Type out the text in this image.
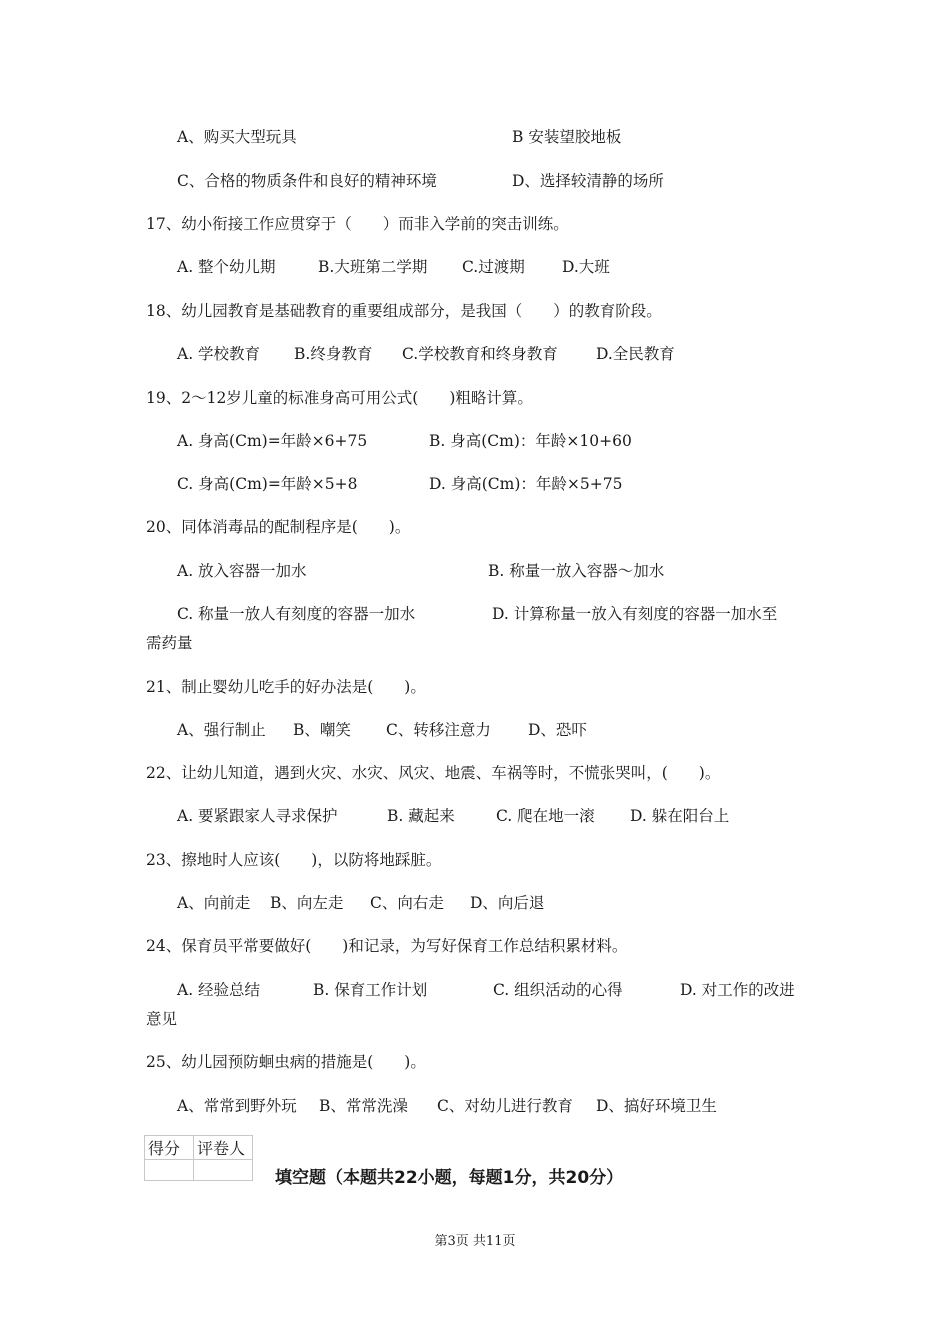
A、购买大型玩具	B 安装望胶地板
C、合格的物质条件和良好的精神环境	D、选择较清静的场所
17、幼小衔接工作应贯穿于（　　）而非入学前的突击训练。
A. 整个幼儿期	B.大班第二学期 C.过渡期 D.大班
18、幼儿园教育是基础教育的重要组成部分，是我国（　　）的教育阶段。
A. 学校教育 B.终身教育 C.学校教育和终身教育 D.全民教育
19、2～12岁儿童的标准身高可用公式(　　)粗略计算。
A. 身高(Cm)=年龄×6+75	B. 身高(Cm)：年龄×10+60
C. 身高(Cm)=年龄×5+8	D. 身高(Cm)：年龄×5+75
20、同体消毒品的配制程序是(　　)。
A. 放入容器一加水	B. 称量一放入容器～加水
C. 称量一放人有刻度的容器一加水	D. 计算称量一放入有刻度的容器一加水至
需药量
21、制止婴幼儿吃手的好办法是(　　)。
A、强行制止 B、嘲笑 C、转移注意力 D、恐吓
22、让幼儿知道，遇到火灾、水灾、风灾、地震、车祸等时，不慌张哭叫，(　　)。
A. 要紧跟家人寻求保护	B. 藏起来	C. 爬在地一滚 D. 躲在阳台上
23、擦地时人应该(　　)，以防将地踩脏。
A、向前走 B、向左走 C、向右走 D、向后退
24、保育员平常要做好(　　)和记录，为写好保育工作总结积累材料。
A. 经验总结	B. 保育工作计划	C. 组织活动的心得	D. 对工作的改进
意见
25、幼儿园预防蛔虫病的措施是(　　)。
A、常常到野外玩 B、常常洗澡 C、对幼儿进行教育 D、搞好环境卫生
得分	评卷人

填空题（本题共22小题，每题1分，共20分）
第3页 共11页
